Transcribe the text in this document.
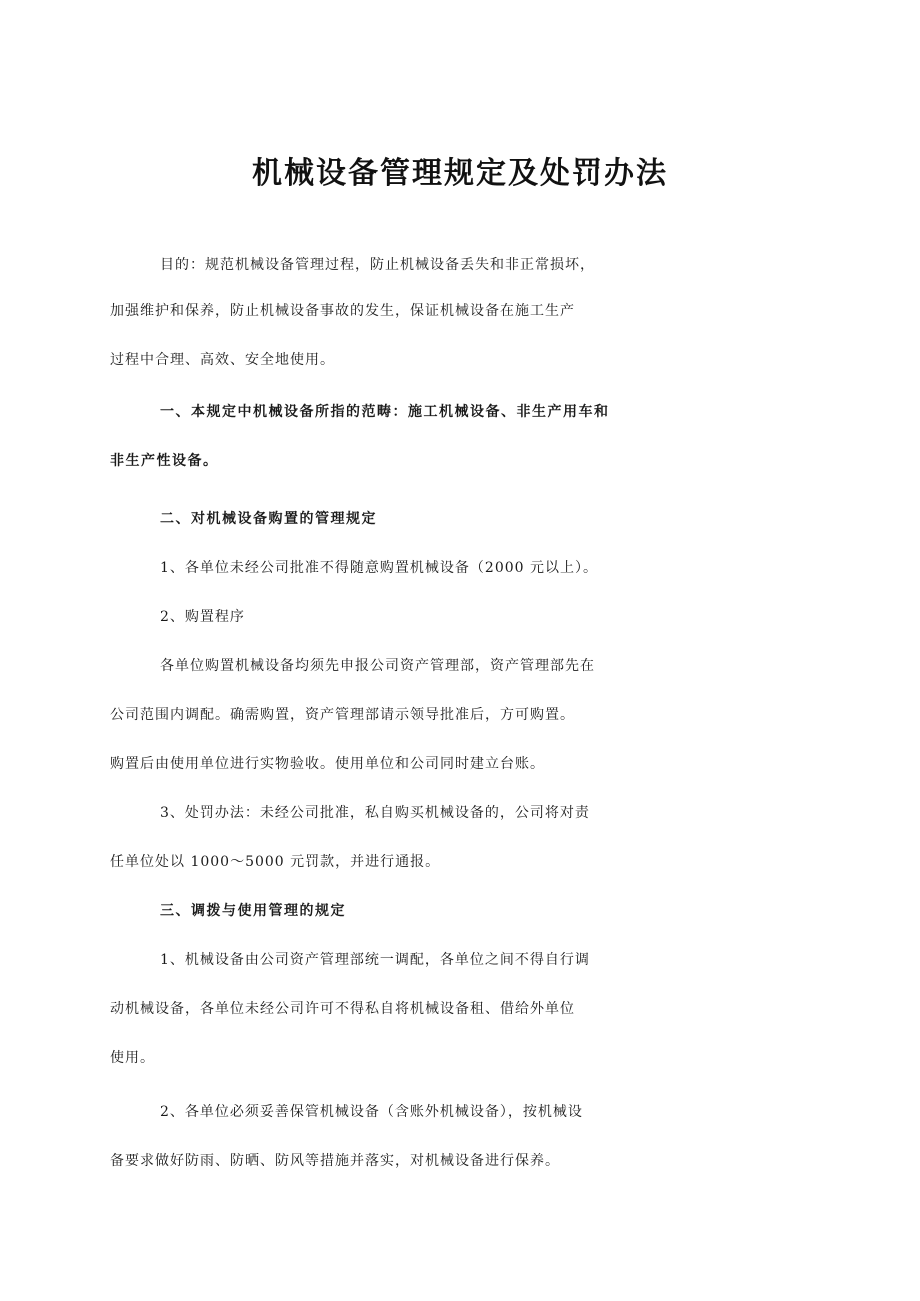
机械设备管理规定及处罚办法
目的：规范机械设备管理过程，防止机械设备丢失和非正常损坏，
加强维护和保养，防止机械设备事故的发生，保证机械设备在施工生产
过程中合理、高效、安全地使用。
一、本规定中机械设备所指的范畴：施工机械设备、非生产用车和
非生产性设备。
二、对机械设备购置的管理规定
1、各单位未经公司批准不得随意购置机械设备（2000 元以上）。
2、购置程序
各单位购置机械设备均须先申报公司资产管理部，资产管理部先在
公司范围内调配。确需购置，资产管理部请示领导批准后，方可购置。
购置后由使用单位进行实物验收。使用单位和公司同时建立台账。
3、处罚办法：未经公司批准，私自购买机械设备的，公司将对责
任单位处以 1000～5000 元罚款，并进行通报。
三、调拨与使用管理的规定
1、机械设备由公司资产管理部统一调配，各单位之间不得自行调
动机械设备，各单位未经公司许可不得私自将机械设备租、借给外单位
使用。
2、各单位必须妥善保管机械设备（含账外机械设备），按机械设
备要求做好防雨、防晒、防风等措施并落实，对机械设备进行保养。
